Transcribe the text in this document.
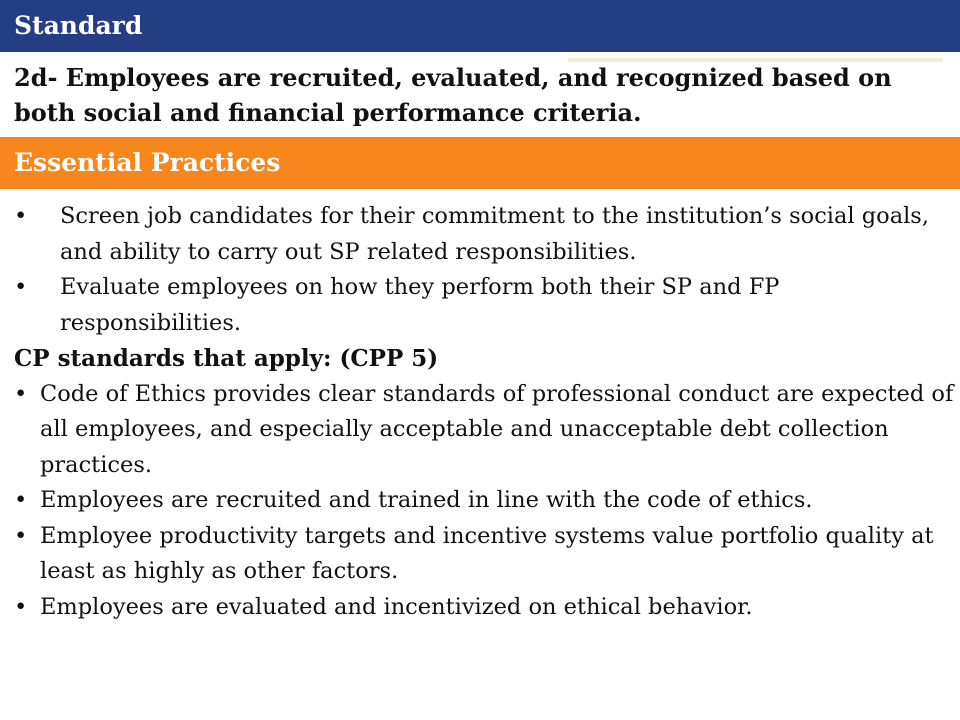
Standard

2d- Employees are recruited, evaluated, and recognized based on both social and financial performance criteria.

Essential Practices
• Screen job candidates for their commitment to the institution’s social goals, and ability to carry out SP related responsibilities.
• Evaluate employees on how they perform both their SP and FP responsibilities.

CP standards that apply: (CPP 5)

• Code of Ethics provides clear standards of professional conduct are expected of all employees, and especially acceptable and unacceptable debt collection practices.
• Employees are recruited and trained in line with the code of ethics.
• Employee productivity targets and incentive systems value portfolio quality at least as highly as other factors.
• Employees are evaluated and incentivized on ethical behavior.
